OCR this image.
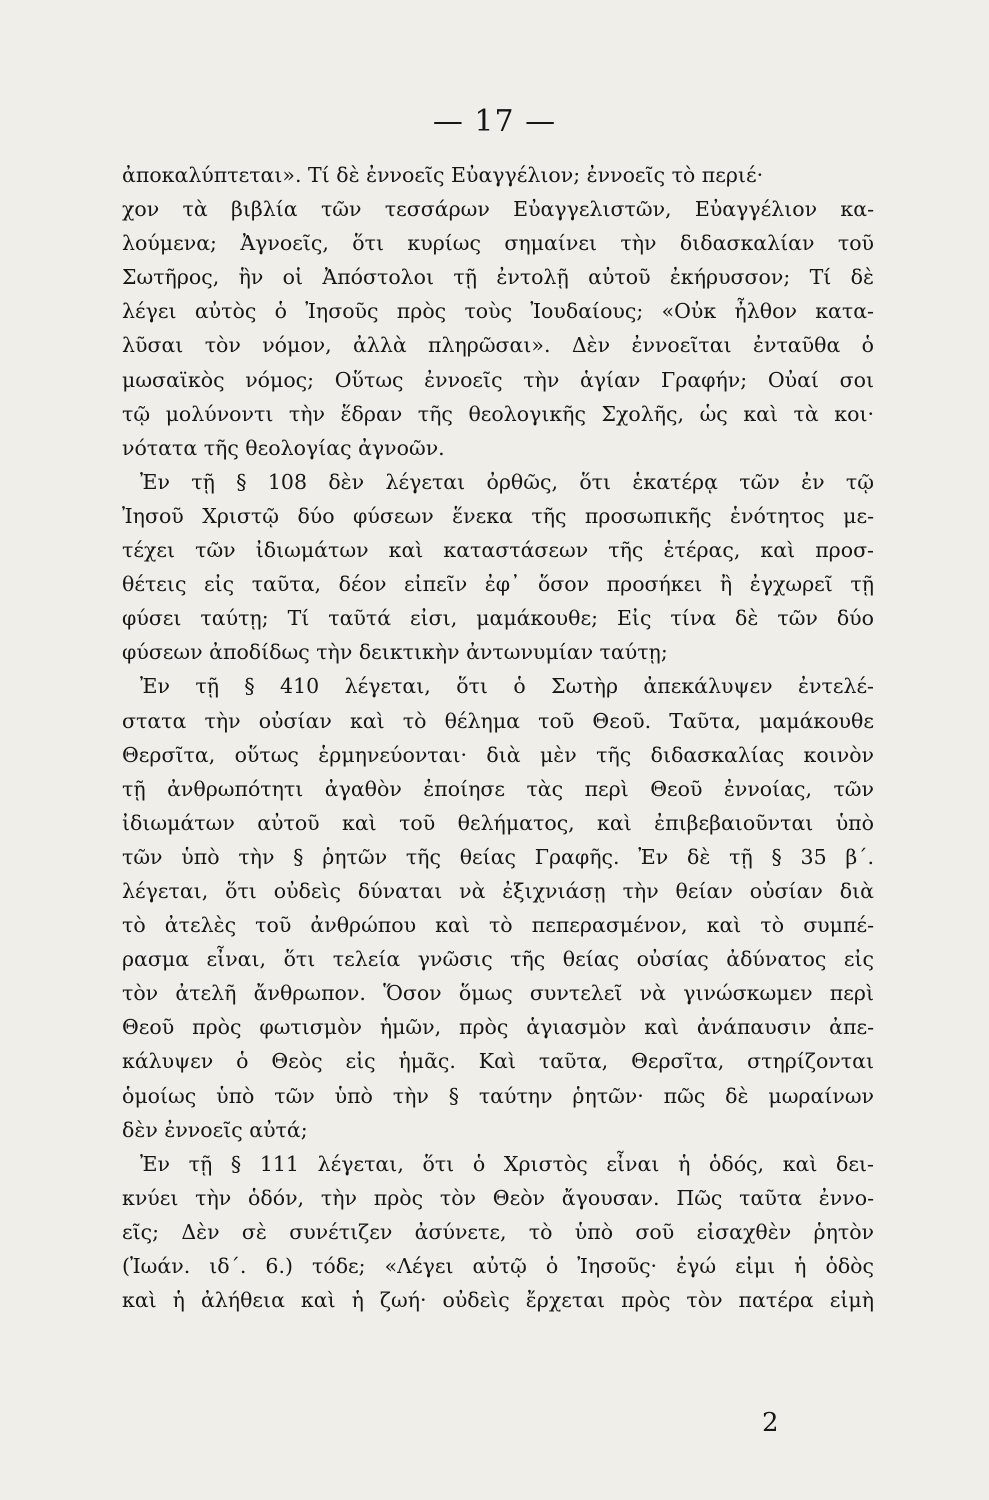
— 17 —
ἀποκαλύπτεται». Τί δὲ ἐννοεῖς Εὐαγγέλιον; ἐννοεῖς τὸ περιέ·
χον τὰ βιβλία τῶν τεσσάρων Εὐαγγελιστῶν, Εὐαγγέλιον κα-
λούμενα; Ἀγνοεῖς, ὅτι κυρίως σημαίνει τὴν διδασκαλίαν τοῦ
Σωτῆρος, ἣν οἱ Ἀπόστολοι τῇ ἐντολῇ αὐτοῦ ἐκήρυσσον; Τί δὲ
λέγει αὐτὸς ὁ Ἰησοῦς πρὸς τοὺς Ἰουδαίους; «Οὐκ ἦλθον κατα-
λῦσαι τὸν νόμον, ἀλλὰ πληρῶσαι». Δὲν ἐννοεῖται ἐνταῦθα ὁ
μωσαϊκὸς νόμος; Οὕτως ἐννοεῖς τὴν ἁγίαν Γραφήν; Οὐαί σοι
τῷ μολύνοντι τὴν ἕδραν τῆς θεολογικῆς Σχολῆς, ὡς καὶ τὰ κοι·
νότατα τῆς θεολογίας ἀγνοῶν.
Ἐν τῇ § 108 δὲν λέγεται ὀρθῶς, ὅτι ἑκατέρᾳ τῶν ἐν τῷ
Ἰησοῦ Χριστῷ δύο φύσεων ἕνεκα τῆς προσωπικῆς ἑνότητος με-
τέχει τῶν ἰδιωμάτων καὶ καταστάσεων τῆς ἑτέρας, καὶ προσ-
θέτεις εἰς ταῦτα, δέον εἰπεῖν ἐφ᾽ ὅσον προσήκει ἢ ἐγχωρεῖ τῇ
φύσει ταύτῃ; Τί ταῦτά εἰσι, μαμάκουθε; Εἰς τίνα δὲ τῶν δύο
φύσεων ἀποδίδως τὴν δεικτικὴν ἀντωνυμίαν ταύτῃ;
Ἐν τῇ § 410 λέγεται, ὅτι ὁ Σωτὴρ ἀπεκάλυψεν ἐντελέ-
στατα τὴν οὐσίαν καὶ τὸ θέλημα τοῦ Θεοῦ. Ταῦτα, μαμάκουθε
Θερσῖτα, οὕτως ἑρμηνεύονται· διὰ μὲν τῆς διδασκαλίας κοινὸν
τῇ ἀνθρωπότητι ἀγαθὸν ἐποίησε τὰς περὶ Θεοῦ ἐννοίας, τῶν
ἰδιωμάτων αὐτοῦ καὶ τοῦ θελήματος, καὶ ἐπιβεβαιοῦνται ὑπὸ
τῶν ὑπὸ τὴν § ῥητῶν τῆς θείας Γραφῆς. Ἐν δὲ τῇ § 35 β΄.
λέγεται, ὅτι οὐδεὶς δύναται νὰ ἐξιχνιάσῃ τὴν θείαν οὐσίαν διὰ
τὸ ἀτελὲς τοῦ ἀνθρώπου καὶ τὸ πεπερασμένον, καὶ τὸ συμπέ-
ρασμα εἶναι, ὅτι τελεία γνῶσις τῆς θείας οὐσίας ἀδύνατος εἰς
τὸν ἀτελῆ ἄνθρωπον. Ὅσον ὅμως συντελεῖ νὰ γινώσκωμεν περὶ
Θεοῦ πρὸς φωτισμὸν ἡμῶν, πρὸς ἁγιασμὸν καὶ ἀνάπαυσιν ἀπε-
κάλυψεν ὁ Θεὸς εἰς ἡμᾶς. Καὶ ταῦτα, Θερσῖτα, στηρίζονται
ὁμοίως ὑπὸ τῶν ὑπὸ τὴν § ταύτην ῥητῶν· πῶς δὲ μωραίνων
δὲν ἐννοεῖς αὐτά;
Ἐν τῇ § 111 λέγεται, ὅτι ὁ Χριστὸς εἶναι ἡ ὁδός, καὶ δει-
κνύει τὴν ὁδόν, τὴν πρὸς τὸν Θεὸν ἄγουσαν. Πῶς ταῦτα ἐννο-
εῖς; Δὲν σὲ συνέτιζεν ἀσύνετε, τὸ ὑπὸ σοῦ εἰσαχθὲν ῥητὸν
(Ἰωάν. ιδ΄. 6.) τόδε; «Λέγει αὐτῷ ὁ Ἰησοῦς· ἐγώ εἰμι ἡ ὁδὸς
καὶ ἡ ἀλήθεια καὶ ἡ ζωή· οὐδεὶς ἔρχεται πρὸς τὸν πατέρα εἰμὴ
2
